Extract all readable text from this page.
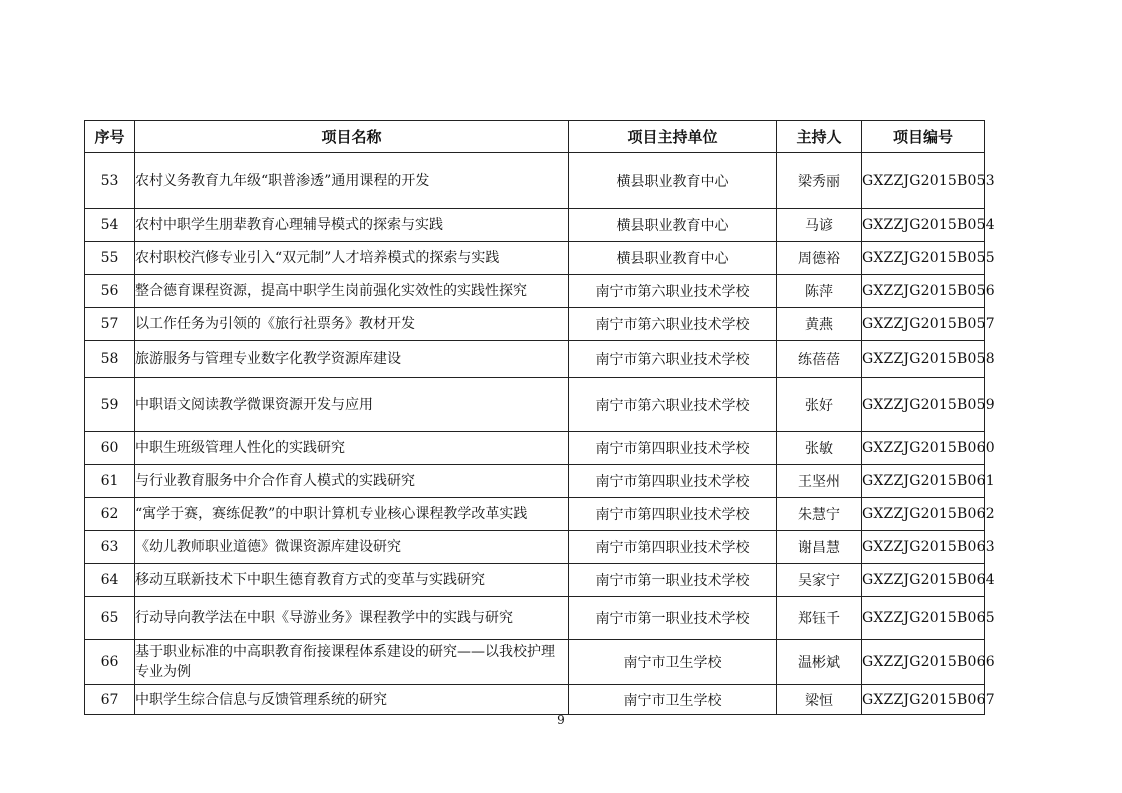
序号	项目名称	项目主持单位	主持人	项目编号
53	农村义务教育九年级“职普渗透”通用课程的开发	横县职业教育中心	梁秀丽	GXZZJG2015B053
54	农村中职学生朋辈教育心理辅导模式的探索与实践	横县职业教育中心	马谚	GXZZJG2015B054
55	农村职校汽修专业引入“双元制”人才培养模式的探索与实践	横县职业教育中心	周德裕	GXZZJG2015B055
56	整合德育课程资源，提高中职学生岗前强化实效性的实践性探究	南宁市第六职业技术学校	陈萍	GXZZJG2015B056
57	以工作任务为引领的《旅行社票务》教材开发	南宁市第六职业技术学校	黄燕	GXZZJG2015B057
58	旅游服务与管理专业数字化教学资源库建设	南宁市第六职业技术学校	练蓓蓓	GXZZJG2015B058
59	中职语文阅读教学微课资源开发与应用	南宁市第六职业技术学校	张好	GXZZJG2015B059
60	中职生班级管理人性化的实践研究	南宁市第四职业技术学校	张敏	GXZZJG2015B060
61	与行业教育服务中介合作育人模式的实践研究	南宁市第四职业技术学校	王坚州	GXZZJG2015B061
62	“寓学于赛，赛练促教”的中职计算机专业核心课程教学改革实践	南宁市第四职业技术学校	朱慧宁	GXZZJG2015B062
63	《幼儿教师职业道德》微课资源库建设研究	南宁市第四职业技术学校	谢昌慧	GXZZJG2015B063
64	移动互联新技术下中职生德育教育方式的变革与实践研究	南宁市第一职业技术学校	吴家宁	GXZZJG2015B064
65	行动导向教学法在中职《导游业务》课程教学中的实践与研究	南宁市第一职业技术学校	郑钰千	GXZZJG2015B065
66	基于职业标准的中高职教育衔接课程体系建设的研究——以我校护理专业为例	南宁市卫生学校	温彬斌	GXZZJG2015B066
67	中职学生综合信息与反馈管理系统的研究	南宁市卫生学校	梁恒	GXZZJG2015B067
9
